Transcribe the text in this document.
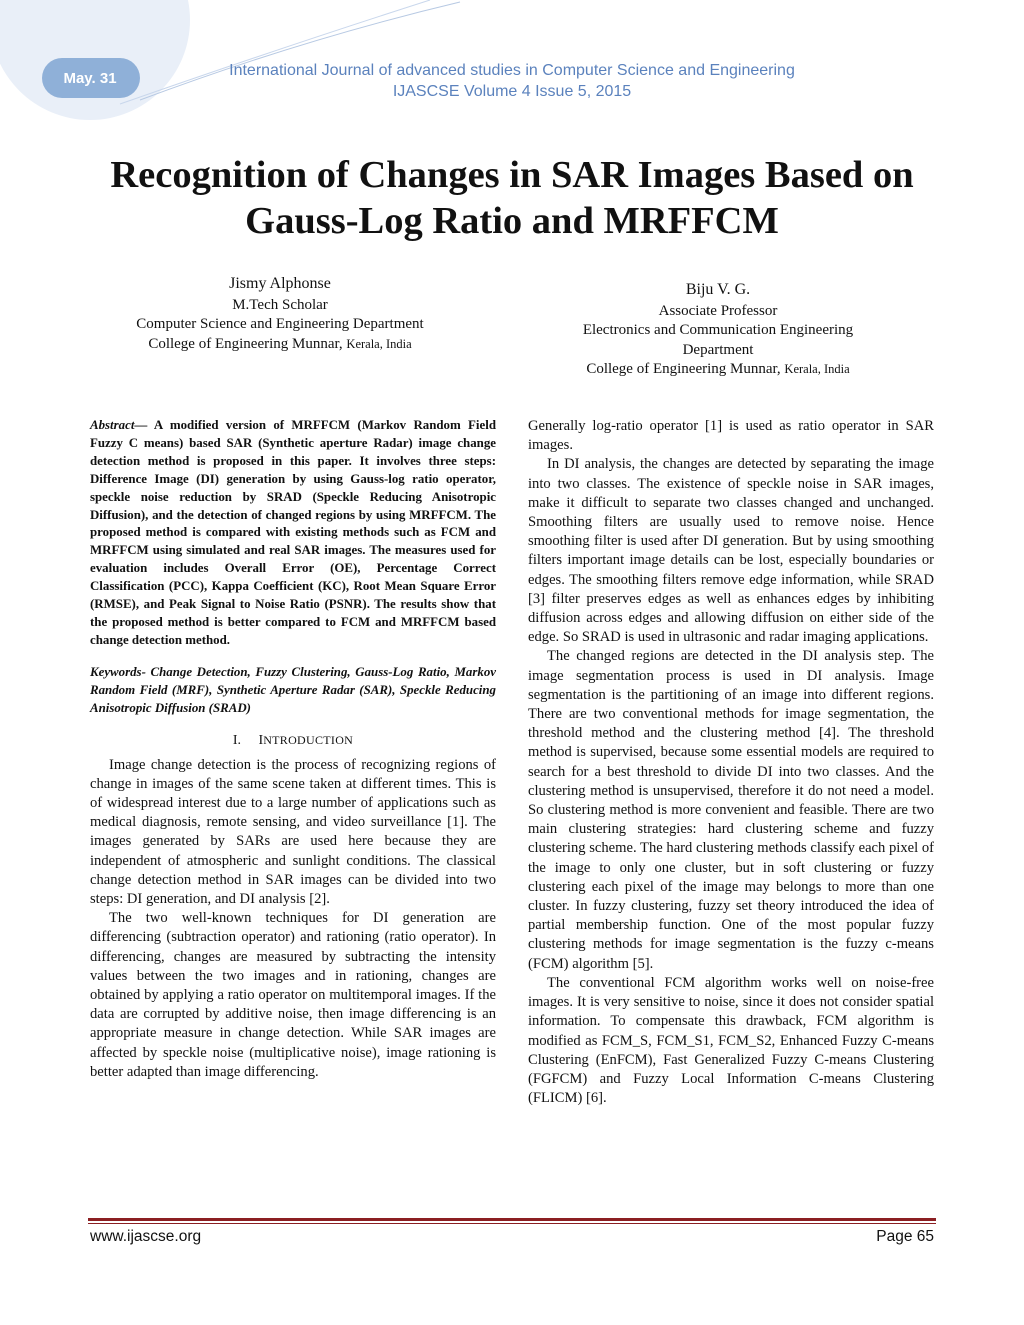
May. 31	International Journal of advanced studies in Computer Science and Engineering
IJASCSE Volume 4 Issue 5, 2015
Recognition of Changes in SAR Images Based on
Gauss-Log Ratio and MRFFCM
Jismy Alphonse
M.Tech Scholar
Computer Science and Engineering Department
College of Engineering Munnar, Kerala, India
Biju V. G.
Associate Professor
Electronics and Communication Engineering
Department
College of Engineering Munnar, Kerala, India

Abstract— A modified version of MRFFCM (Markov Random Field Fuzzy C means) based SAR (Synthetic aperture Radar) image change detection method is proposed in this paper. It involves three steps: Difference Image (DI) generation by using Gauss-log ratio operator, speckle noise reduction by SRAD (Speckle Reducing Anisotropic Diffusion), and the detection of changed regions by using MRFFCM. The proposed method is compared with existing methods such as FCM and MRFFCM using simulated and real SAR images. The measures used for evaluation includes Overall Error (OE), Percentage Correct Classification (PCC), Kappa Coefficient (KC), Root Mean Square Error (RMSE), and Peak Signal to Noise Ratio (PSNR). The results show that the proposed method is better compared to FCM and MRFFCM based change detection method.

Keywords- Change Detection, Fuzzy Clustering, Gauss-Log Ratio, Markov Random Field (MRF), Synthetic Aperture Radar (SAR), Speckle Reducing Anisotropic Diffusion (SRAD)

I. INTRODUCTION

Image change detection is the process of recognizing regions of change in images of the same scene taken at different times. This is of widespread interest due to a large number of applications such as medical diagnosis, remote sensing, and video surveillance [1]. The images generated by SARs are used here because they are independent of atmospheric and sunlight conditions. The classical change detection method in SAR images can be divided into two steps: DI generation, and DI analysis [2].

The two well-known techniques for DI generation are differencing (subtraction operator) and rationing (ratio operator). In differencing, changes are measured by subtracting the intensity values between the two images and in rationing, changes are obtained by applying a ratio operator on multitemporal images. If the data are corrupted by additive noise, then image differencing is an appropriate measure in change detection. While SAR images are affected by speckle noise (multiplicative noise), image rationing is better adapted than image differencing.

Generally log-ratio operator [1] is used as ratio operator in SAR images.

In DI analysis, the changes are detected by separating the image into two classes. The existence of speckle noise in SAR images, make it difficult to separate two classes changed and unchanged. Smoothing filters are usually used to remove noise. Hence smoothing filter is used after DI generation. But by using smoothing filters important image details can be lost, especially boundaries or edges. The smoothing filters remove edge information, while SRAD [3] filter preserves edges as well as enhances edges by inhibiting diffusion across edges and allowing diffusion on either side of the edge. So SRAD is used in ultrasonic and radar imaging applications.

The changed regions are detected in the DI analysis step. The image segmentation process is used in DI analysis. Image segmentation is the partitioning of an image into different regions. There are two conventional methods for image segmentation, the threshold method and the clustering method [4]. The threshold method is supervised, because some essential models are required to search for a best threshold to divide DI into two classes. And the clustering method is unsupervised, therefore it do not need a model. So clustering method is more convenient and feasible. There are two main clustering strategies: hard clustering scheme and fuzzy clustering scheme. The hard clustering methods classify each pixel of the image to only one cluster, but in soft clustering or fuzzy clustering each pixel of the image may belongs to more than one cluster. In fuzzy clustering, fuzzy set theory introduced the idea of partial membership function. One of the most popular fuzzy clustering methods for image segmentation is the fuzzy c-means (FCM) algorithm [5].

The conventional FCM algorithm works well on noise-free images. It is very sensitive to noise, since it does not consider spatial information. To compensate this drawback, FCM algorithm is modified as FCM_S, FCM_S1, FCM_S2, Enhanced Fuzzy C-means Clustering (EnFCM), Fast Generalized Fuzzy C-means Clustering (FGFCM) and Fuzzy Local Information C-means Clustering (FLICM) [6].

www.ijascse.org	Page 65
